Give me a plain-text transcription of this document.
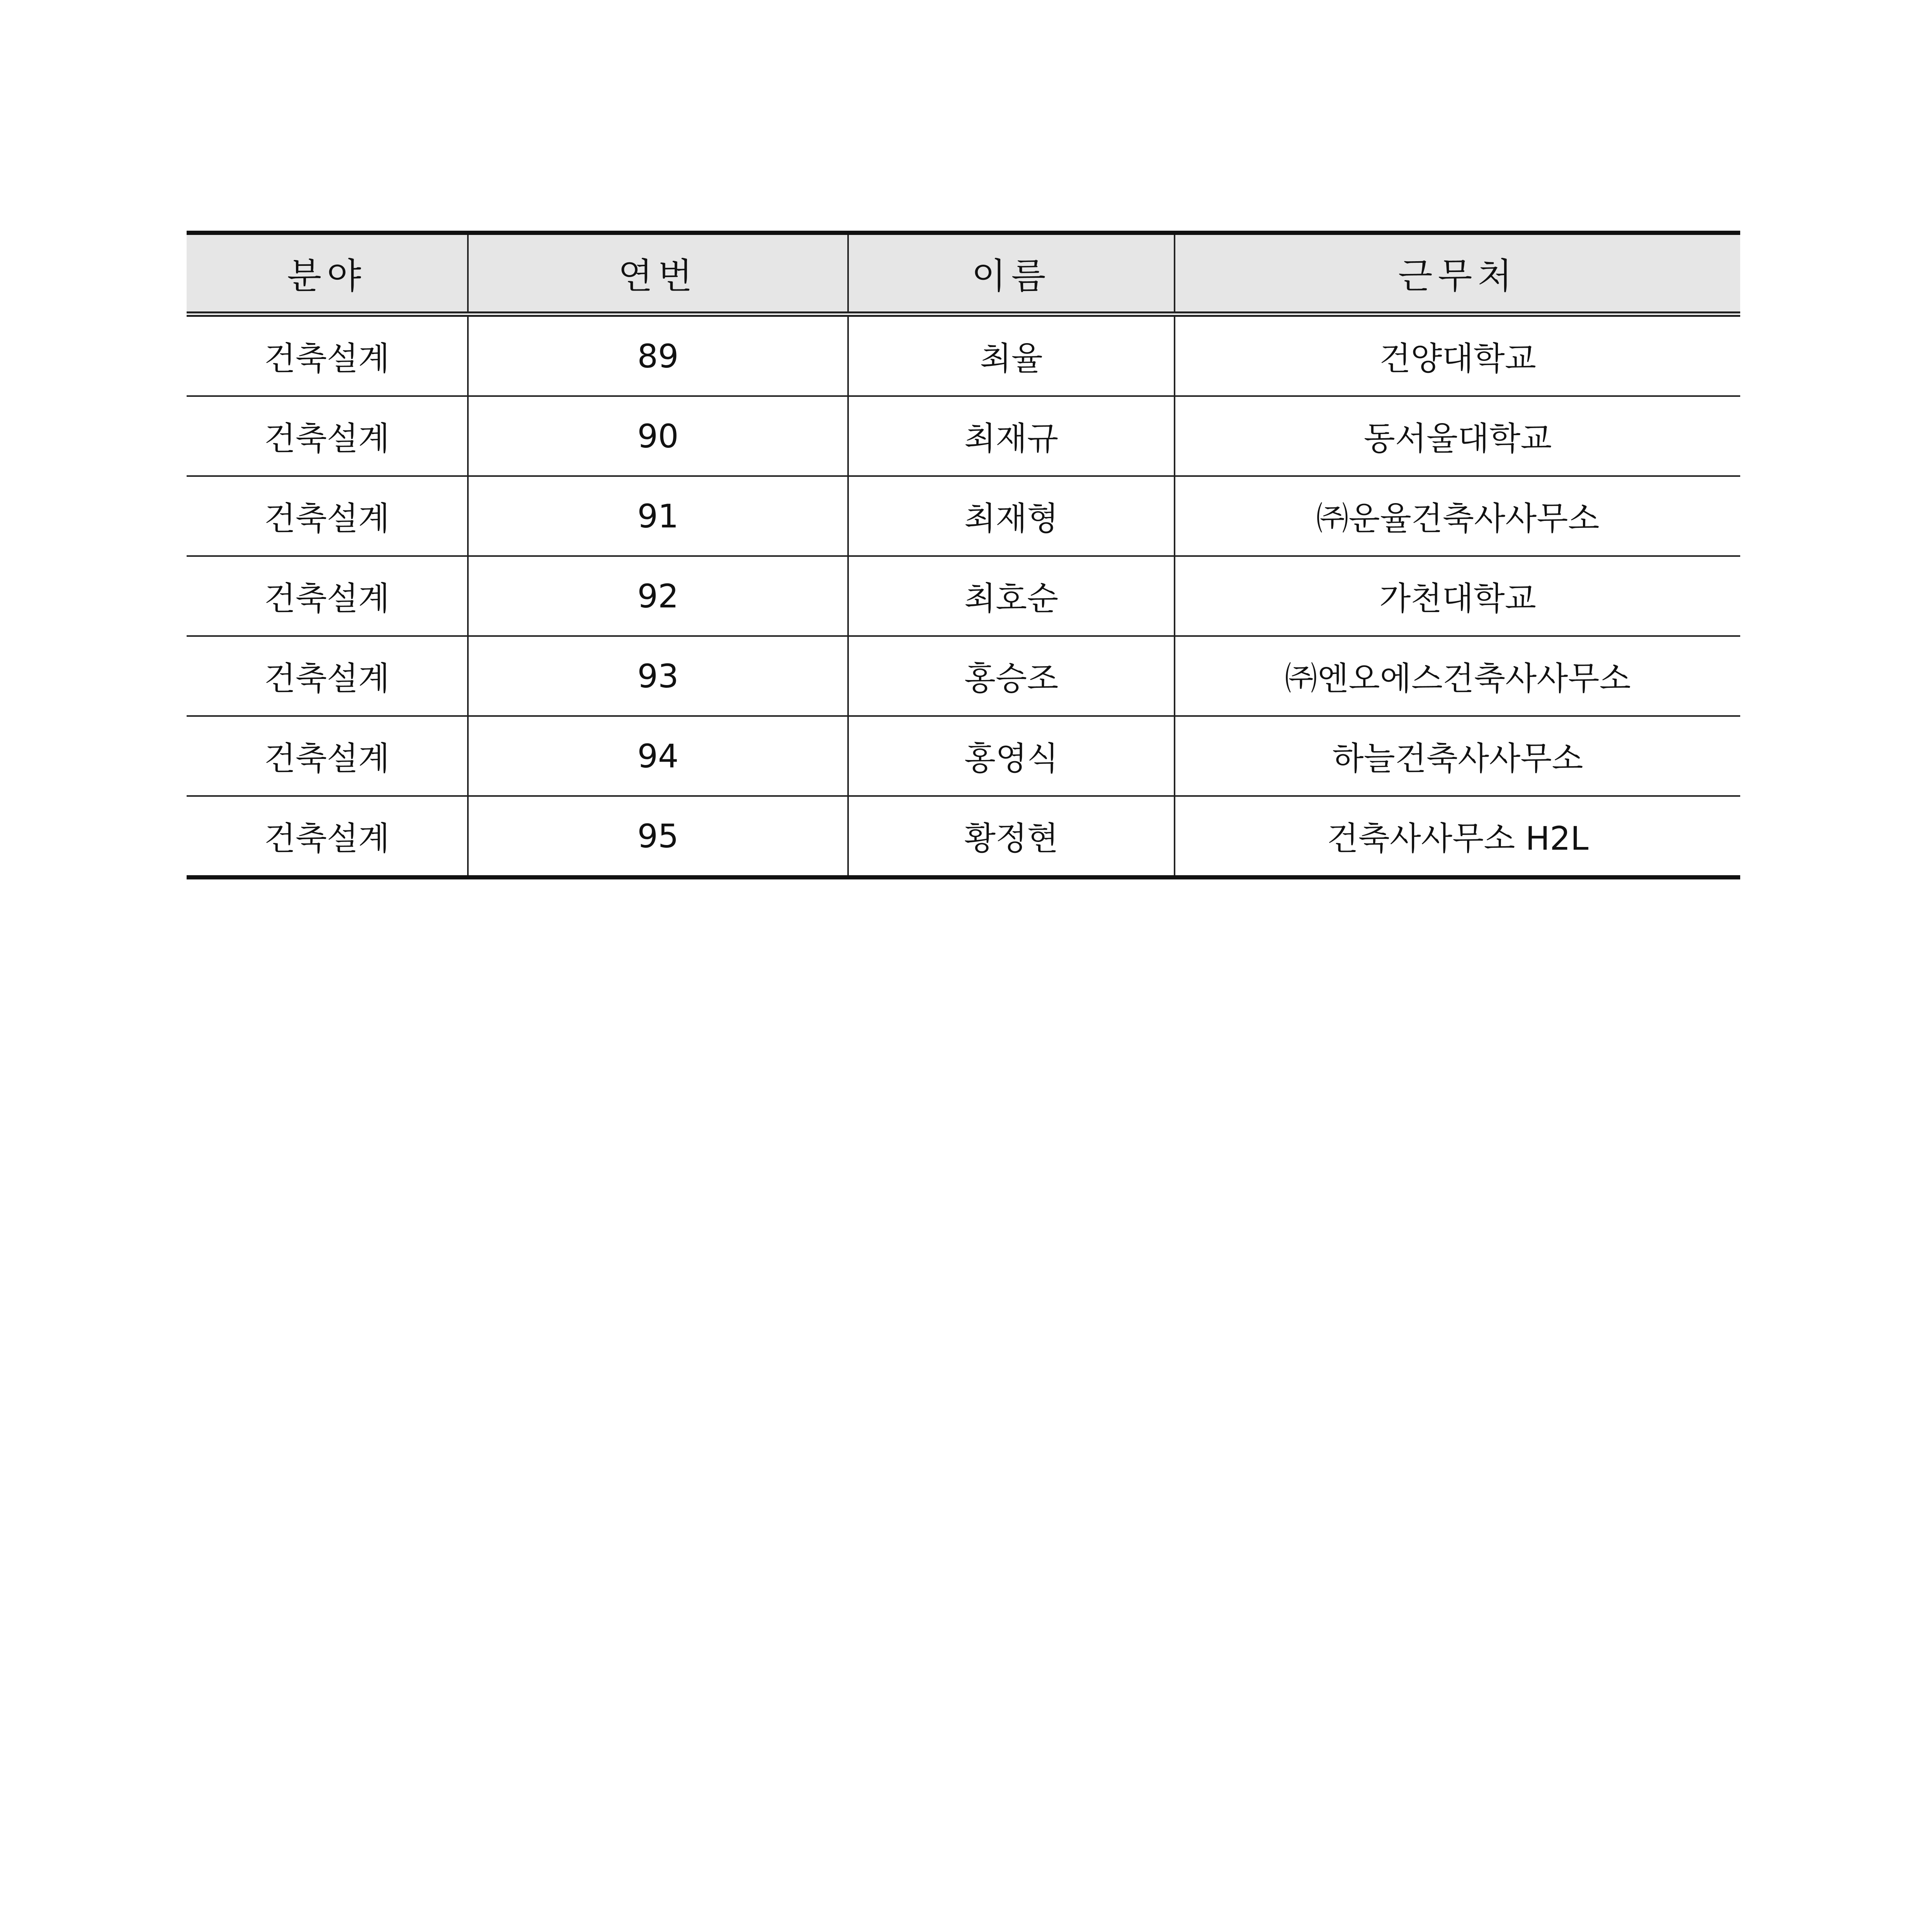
분야	연번	이름	근무처
건축설계	89	최율	건양대학교
건축설계	90	최재규	동서울대학교
건축설계	91	최재형	㈜운율건축사사무소
건축설계	92	최호순	가천대학교
건축설계	93	홍승조	㈜엔오에스건축사사무소
건축설계	94	홍영식	하늘건축사사무소
건축설계	95	황정현	건축사사무소 H2L
